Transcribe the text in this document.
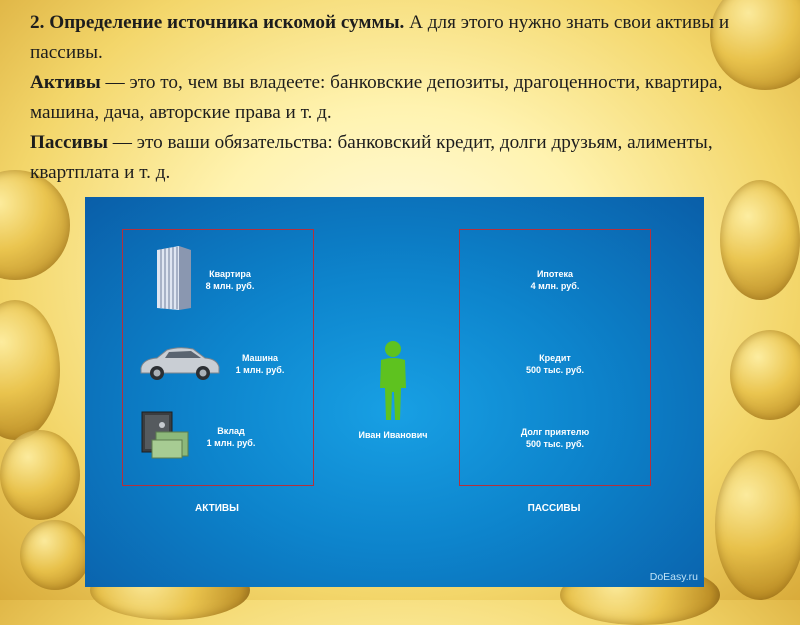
2. Определение источника искомой суммы. А для этого нужно знать свои активы и пассивы.

Активы — это то, чем вы владеете: банковские депозиты, драгоценности, квартира, машина, дача, авторские права и т. д.

Пассивы — это ваши обязательства: банковский кредит, долги друзьям, алименты, квартплата и т. д.

Квартира
8 млн. руб.
Машина
1 млн. руб.
Вклад
1 млн. руб.
Иван Иванович
Ипотека
4 млн. руб.
Кредит
500 тыс. руб.
Долг приятелю
500 тыс. руб.
АКТИВЫ	ПАССИВЫ
DoEasy.ru
